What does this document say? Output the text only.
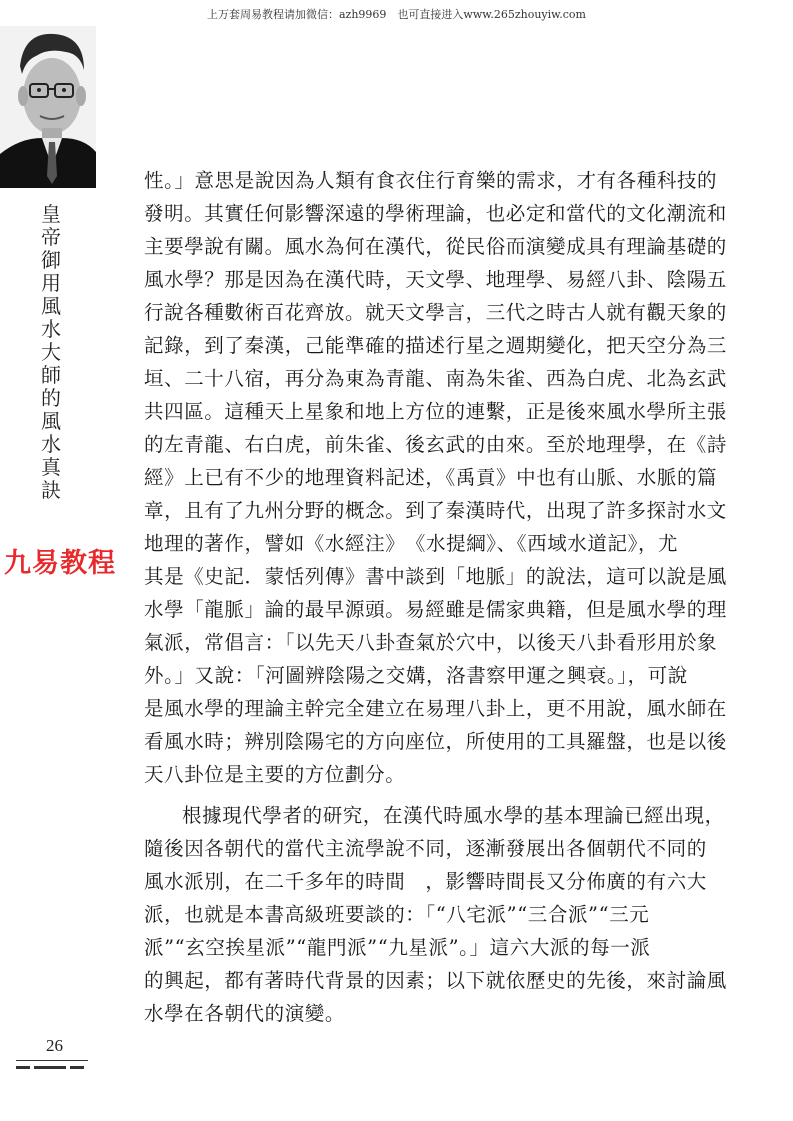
上万套周易教程请加微信：azh9969　也可直接进入www.265zhouyiw.com
皇
帝
御
用
風
水
大
師
的
風
水
真
訣
九易教程
性。」意思是說因為人類有食衣住行育樂的需求，才有各種科技的
發明。其實任何影響深遠的學術理論，也必定和當代的文化潮流和
主要學說有關。風水為何在漢代，從民俗而演變成具有理論基礎的
風水學？那是因為在漢代時，天文學、地理學、易經八卦、陰陽五
行說各種數術百花齊放。就天文學言，三代之時古人就有觀天象的
記錄，到了秦漢，己能準確的描述行星之週期變化，把天空分為三
垣、二十八宿，再分為東為青龍、南為朱雀、西為白虎、北為玄武
共四區。這種天上星象和地上方位的連繫，正是後來風水學所主張
的左青龍、右白虎，前朱雀、後玄武的由來。至於地理學，在《詩
經》上已有不少的地理資料記述，《禹貢》中也有山脈、水脈的篇
章，且有了九州分野的概念。到了秦漢時代，出現了許多探討水文
地理的著作，譬如《水經注》　《水提綱》、《西域水道記》，尤
其是《史記．蒙恬列傳》書中談到「地脈」的說法，這可以說是風
水學「龍脈」論的最早源頭。易經雖是儒家典籍，但是風水學的理
氣派，常倡言：「以先天八卦查氣於穴中，以後天八卦看形用於象
外。」又說：「河圖辨陰陽之交媾，洛書察甲運之興衰。」，可說
是風水學的理論主幹完全建立在易理八卦上，更不用說，風水師在
看風水時；辨別陰陽宅的方向座位，所使用的工具羅盤，也是以後
天八卦位是主要的方位劃分。
根據現代學者的研究，在漢代時風水學的基本理論已經出現，
隨後因各朝代的當代主流學說不同，逐漸發展出各個朝代不同的
風水派別，在二千多年的時間　，影響時間長又分佈廣的有六大
派，也就是本書高級班要談的：「“八宅派”“三合派”“三元
派”“玄空挨星派”“龍門派”“九星派”。」這六大派的每一派
的興起，都有著時代背景的因素；以下就依歷史的先後，來討論風
水學在各朝代的演變。
26
